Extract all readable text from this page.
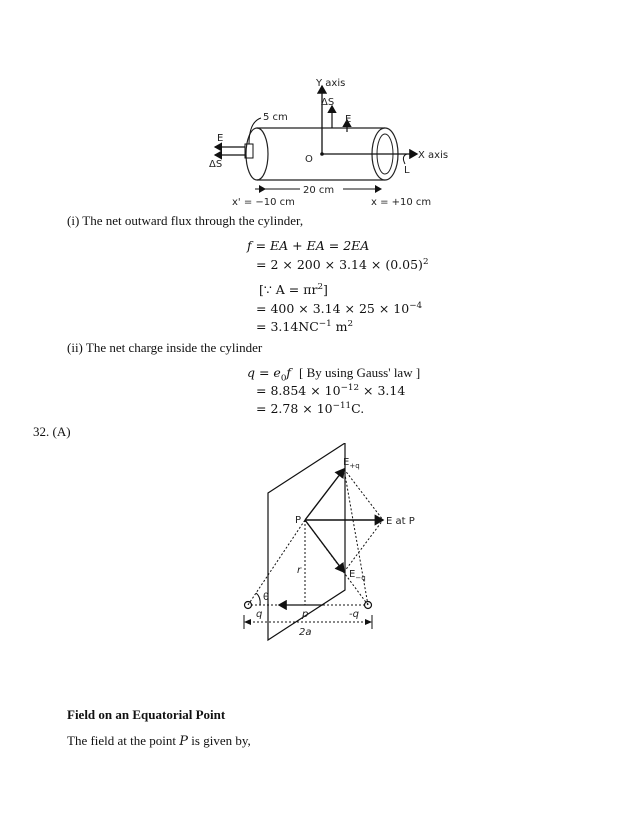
Y axis
ΔS
E
5 cm
E
ΔS	O	X axis
L
20 cm
x' = −10 cm	x = +10 cm
(i) The net outward flux through the cylinder,
f = EA + EA = 2EA
= $2 \times 200 \times 3.14 \times (0.05)^2$
[∵ $A = \pi r^2$]
= $400 \times 3.14 \times 25 \times 10^{-4}$
= $3.14NC^{-1}$ $m^2$
(ii) The net charge inside the cylinder
$q = e_0f$ [ By using Gauss' law ]
= $8.854 \times 10^{-12} \times 3.14$
= $2.78 \times 10^{-11}C$.
32. (A)
$E_{+q}$
P	E at P
r	$E_{-q}$
θ
q	p	-q
2a
Field on an Equatorial Point
The field at the point P is given by,
